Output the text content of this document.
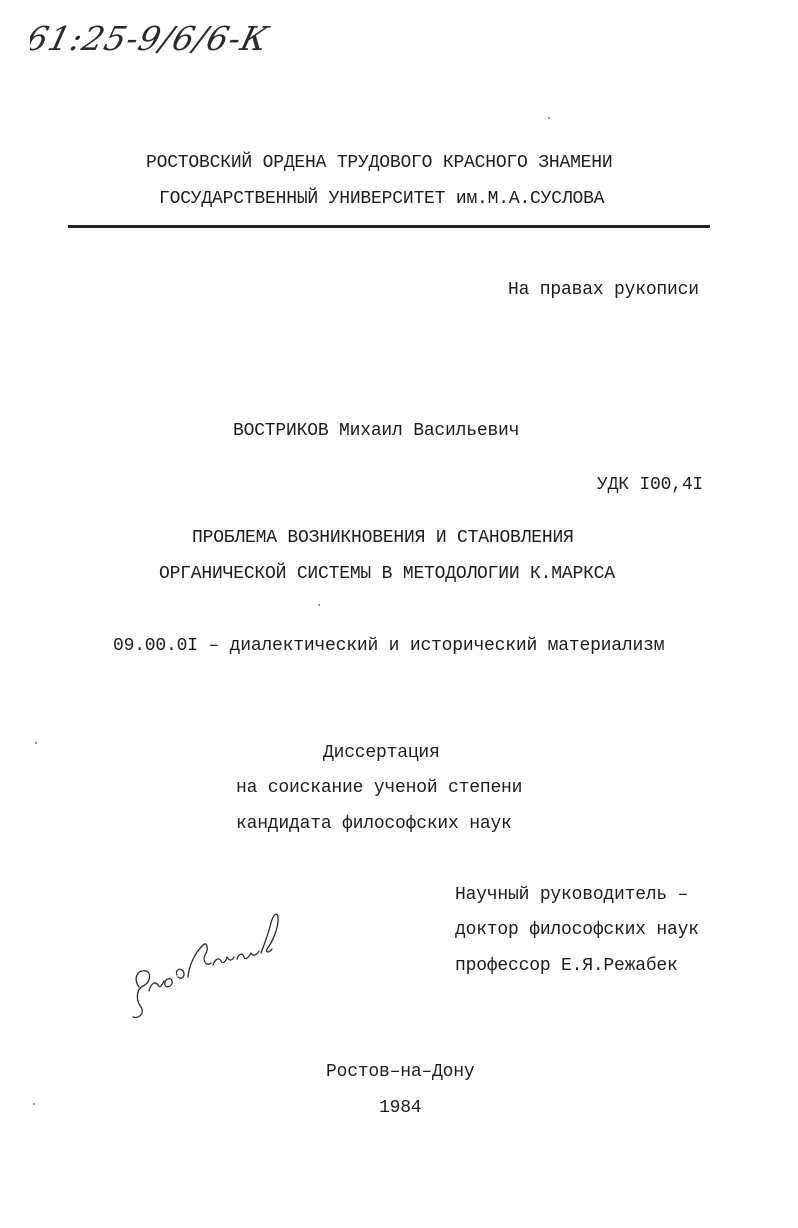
61:25-9/6/6-К
РОСТОВСКИЙ ОРДЕНА ТРУДОВОГО КРАСНОГО ЗНАМЕНИ
ГОСУДАРСТВЕННЫЙ УНИВЕРСИТЕТ им.М.А.СУСЛОВА
На правах рукописи
ВОСТРИКОВ Михаил Васильевич
УДК I00,4I
ПРОБЛЕМА ВОЗНИКНОВЕНИЯ И СТАНОВЛЕНИЯ
ОРГАНИЧЕСКОЙ СИСТЕМЫ В МЕТОДОЛОГИИ К.МАРКСА
09.00.0I – диалектический и исторический материализм
Диссертация
на соискание ученой степени
кандидата философских наук
Научный руководитель –
доктор философских наук
профессор Е.Я.Режабек
Ростов–на–Дону
1984
